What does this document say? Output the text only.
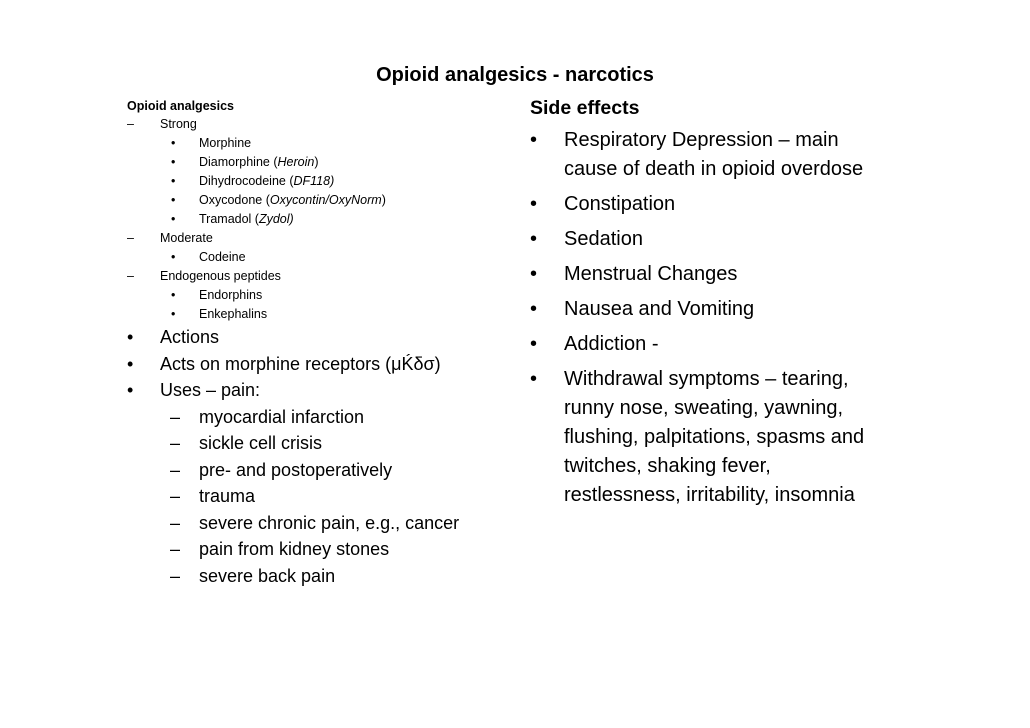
Opioid analgesics - narcotics
Opioid analgesics
–	Strong
•	Morphine
•	Diamorphine (Heroin)
•	Dihydrocodeine (DF118)
•	Oxycodone (Oxycontin/OxyNorm)
•	Tramadol (Zydol)
–	Moderate
•	Codeine
–	Endogenous peptides
•	Endorphins
•	Enkephalins
•	Actions
•	Acts on morphine receptors (μḰδσ)
•	Uses – pain:
–	myocardial infarction
–	sickle cell crisis
–	pre- and postoperatively
–	trauma
–	severe chronic pain, e.g., cancer
–	pain from kidney stones
–	severe back pain
Side effects
•	Respiratory Depression – main
cause of death in opioid overdose
•	Constipation
•	Sedation
•	Menstrual Changes
•	Nausea and Vomiting
•	Addiction -
•	Withdrawal symptoms – tearing,
runny nose, sweating, yawning,
flushing, palpitations, spasms and
twitches, shaking fever,
restlessness, irritability, insomnia
